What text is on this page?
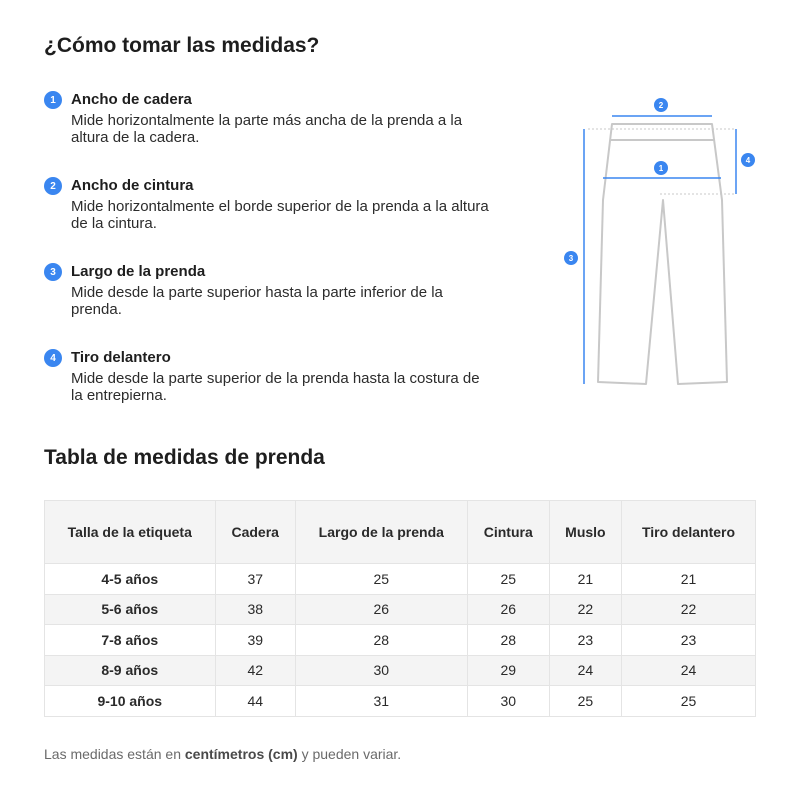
¿Cómo tomar las medidas?
1	Ancho de cadera
Mide horizontalmente la parte más ancha de la prenda a la altura de la cadera.
2	Ancho de cintura
Mide horizontalmente el borde superior de la prenda a la altura de la cintura.
3	Largo de la prenda
Mide desde la parte superior hasta la parte inferior de la prenda.
4	Tiro delantero
Mide desde la parte superior de la prenda hasta la costura de la entrepierna.
1
2
3
4
Tabla de medidas de prenda
Talla de la etiqueta	Cadera	Largo de la prenda	Cintura	Muslo	Tiro delantero
4-5 años	37	25	25	21	21
5-6 años	38	26	26	22	22
7-8 años	39	28	28	23	23
8-9 años	42	30	29	24	24
9-10 años	44	31	30	25	25
Las medidas están en centímetros (cm) y pueden variar.
